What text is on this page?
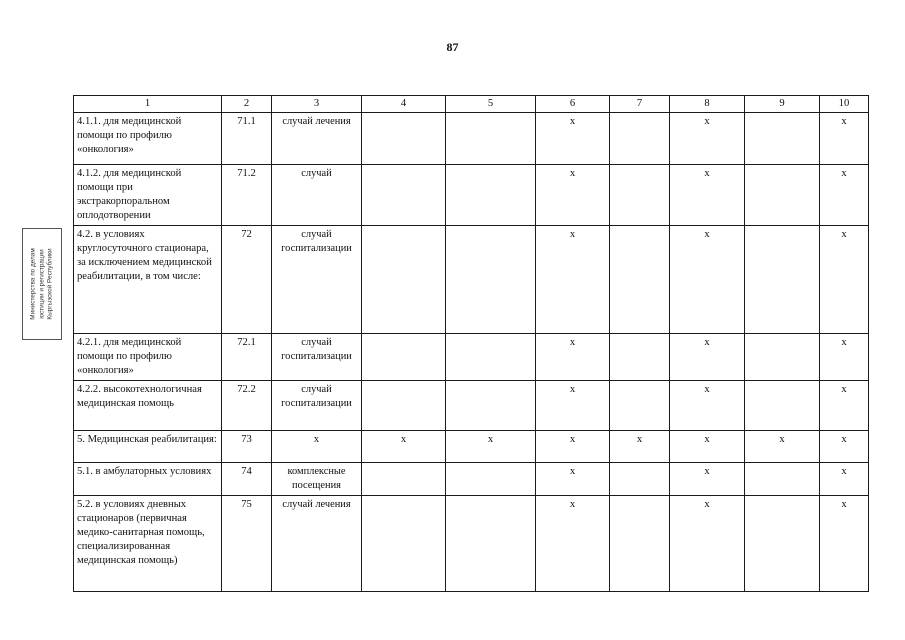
87
Министерства по делам юстиции и регистрации Кыргызской Республики
1	2	3	4	5	6	7	8	9	10
4.1.1. для медицинской помощи по профилю «онкология»	71.1	случай лечения			x		x		x
4.1.2. для медицинской помощи при экстракорпоральном оплодотворении	71.2	случай			x		x		x
4.2. в условиях круглосуточного стационара, за исключением медицинской реабилитации, в том числе:	72	случай госпитализации			x		x		x
4.2.1. для медицинской помощи по профилю «онкология»	72.1	случай госпитализации			x		x		x
4.2.2. высокотехнологичная медицинская помощь	72.2	случай госпитализации			x		x		x
5. Медицинская реабилитация:	73	x	x	x	x	x	x	x	x
5.1. в амбулаторных условиях	74	комплексные посещения			x		x		x
5.2. в условиях дневных стационаров (первичная медико-санитарная помощь, специализированная медицинская помощь)	75	случай лечения			x		x		x
